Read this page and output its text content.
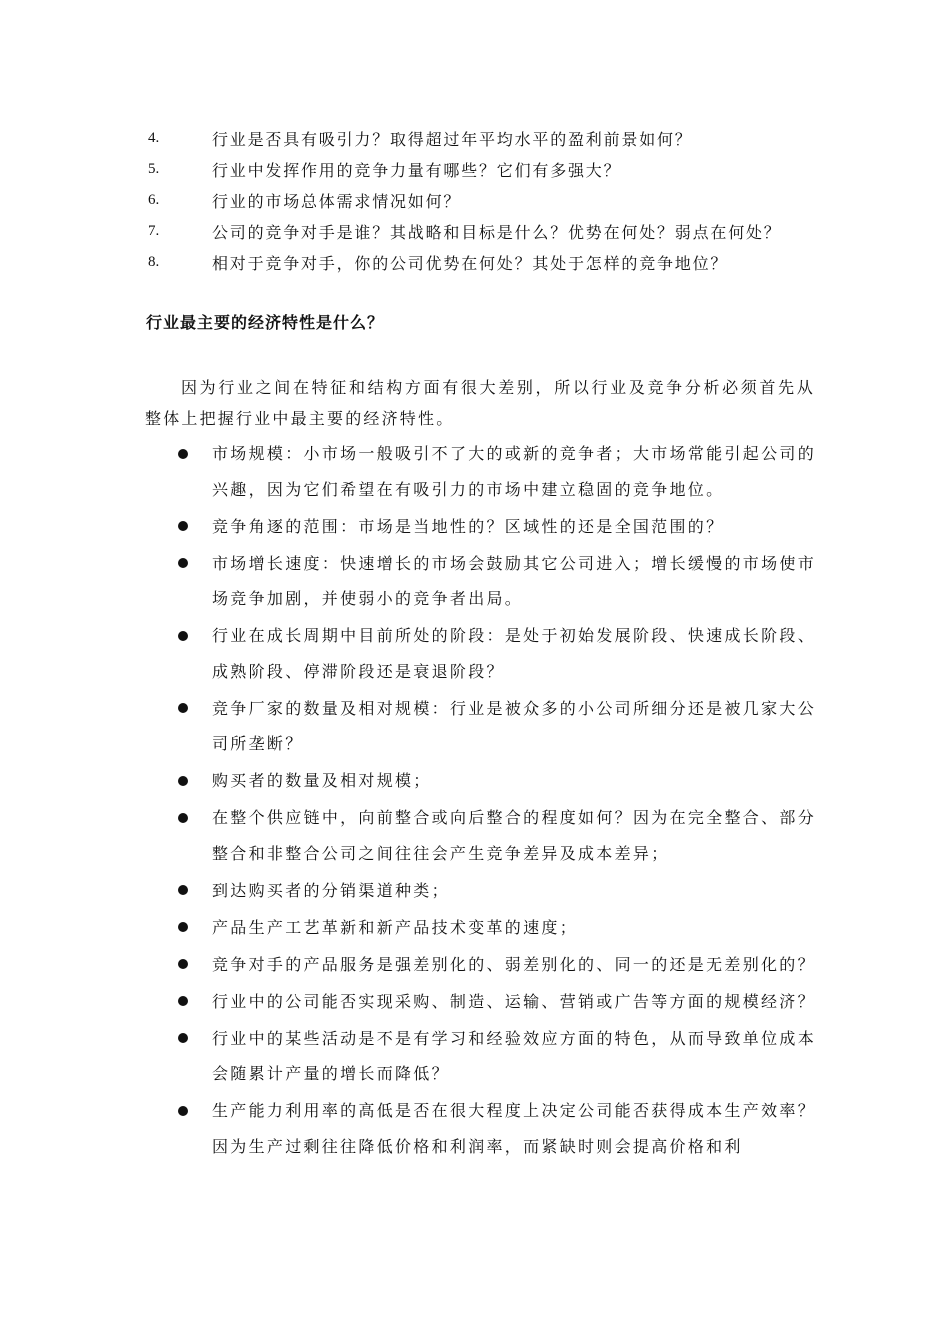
4.	行业是否具有吸引力？取得超过年平均水平的盈利前景如何？
5.	行业中发挥作用的竞争力量有哪些？它们有多强大？
6.	行业的市场总体需求情况如何？
7.	公司的竞争对手是谁？其战略和目标是什么？优势在何处？弱点在何处？
8.	相对于竞争对手，你的公司优势在何处？其处于怎样的竞争地位？
行业最主要的经济特性是什么？

因为行业之间在特征和结构方面有很大差别，所以行业及竞争分析必须首先从整体上把握行业中最主要的经济特性。

市场规模：小市场一般吸引不了大的或新的竞争者；大市场常能引起公司的兴趣，因为它们希望在有吸引力的市场中建立稳固的竞争地位。
竞争角逐的范围：市场是当地性的？区域性的还是全国范围的？
市场增长速度：快速增长的市场会鼓励其它公司进入；增长缓慢的市场使市场竞争加剧，并使弱小的竞争者出局。
行业在成长周期中目前所处的阶段：是处于初始发展阶段、快速成长阶段、成熟阶段、停滞阶段还是衰退阶段？
竞争厂家的数量及相对规模：行业是被众多的小公司所细分还是被几家大公司所垄断？
购买者的数量及相对规模；
在整个供应链中，向前整合或向后整合的程度如何？因为在完全整合、部分整合和非整合公司之间往往会产生竞争差异及成本差异；
到达购买者的分销渠道种类；
产品生产工艺革新和新产品技术变革的速度；
竞争对手的产品服务是强差别化的、弱差别化的、同一的还是无差别化的？
行业中的公司能否实现采购、制造、运输、营销或广告等方面的规模经济？
行业中的某些活动是不是有学习和经验效应方面的特色，从而导致单位成本会随累计产量的增长而降低？
生产能力利用率的高低是否在很大程度上决定公司能否获得成本生产效率？因为生产过剩往往降低价格和利润率，而紧缺时则会提高价格和利
